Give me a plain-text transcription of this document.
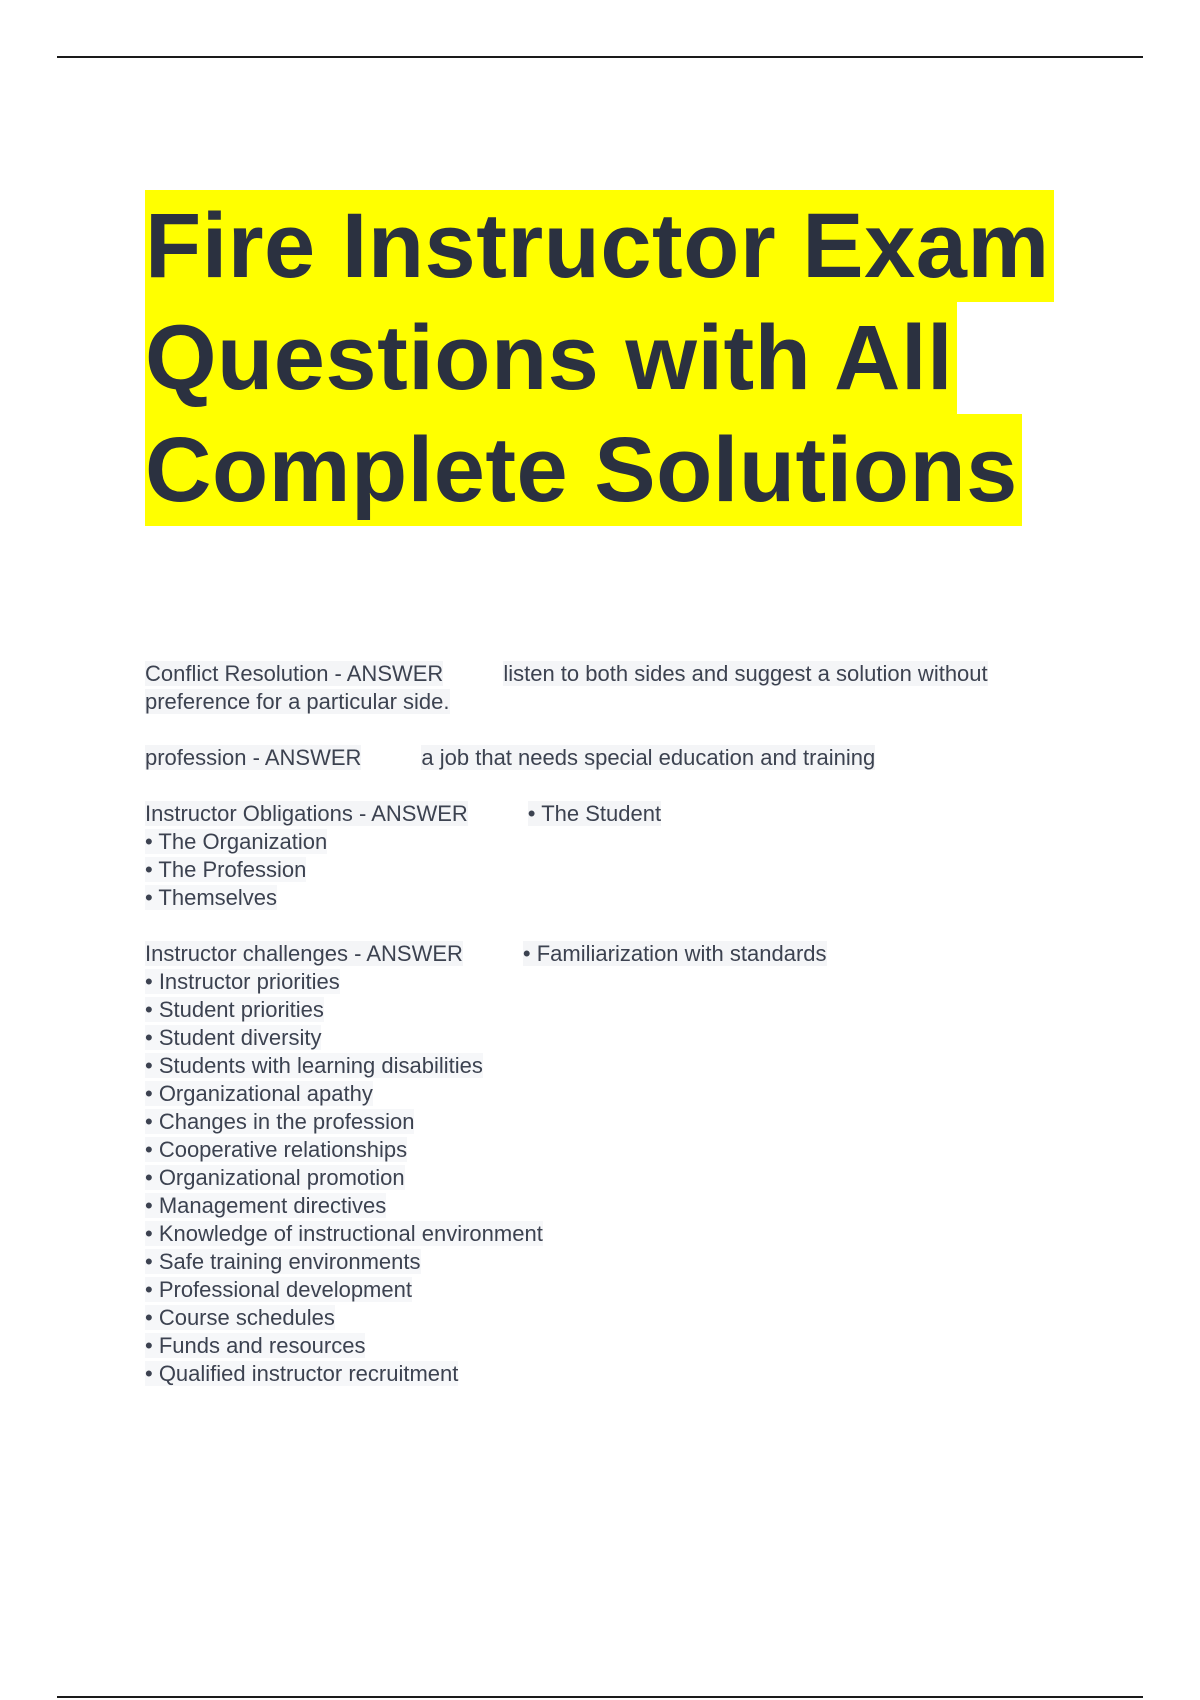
Fire Instructor Exam
Questions with All
Complete Solutions
Conflict Resolution - ANSWER	listen to both sides and suggest a solution without
preference for a particular side.
profession - ANSWER	a job that needs special education and training
Instructor Obligations - ANSWER	• The Student
• The Organization
• The Profession
• Themselves
Instructor challenges - ANSWER	• Familiarization with standards
• Instructor priorities
• Student priorities
• Student diversity
• Students with learning disabilities
• Organizational apathy
• Changes in the profession
• Cooperative relationships
• Organizational promotion
• Management directives
• Knowledge of instructional environment
• Safe training environments
• Professional development
• Course schedules
• Funds and resources
• Qualified instructor recruitment
